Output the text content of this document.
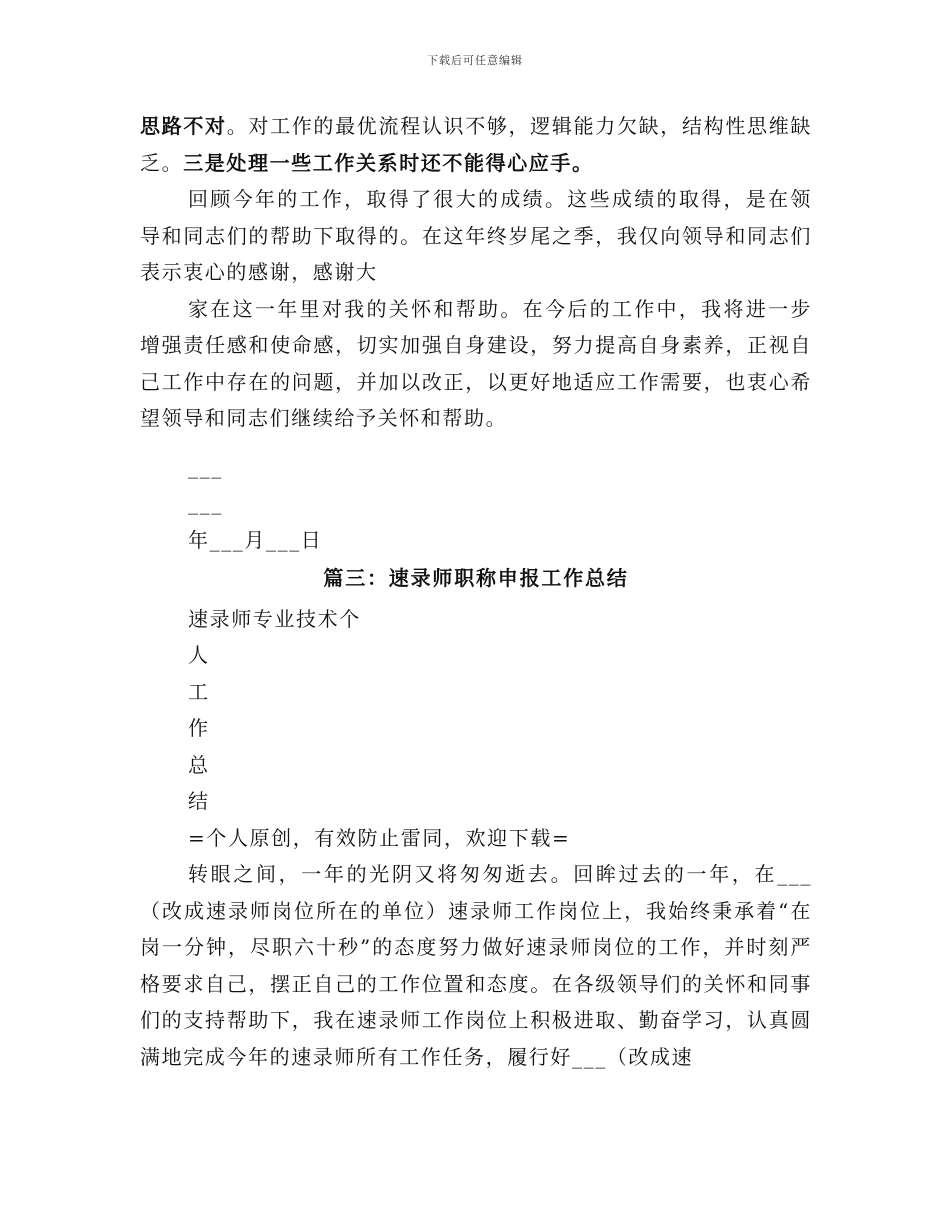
下载后可任意编辑

思路不对。对工作的最优流程认识不够，逻辑能力欠缺，结构性思维缺乏。三是处理一些工作关系时还不能得心应手。

回顾今年的工作，取得了很大的成绩。这些成绩的取得，是在领导和同志们的帮助下取得的。在这年终岁尾之季，我仅向领导和同志们表示衷心的感谢，感谢大

家在这一年里对我的关怀和帮助。在今后的工作中，我将进一步增强责任感和使命感，切实加强自身建设，努力提高自身素养，正视自己工作中存在的问题，并加以改正，以更好地适应工作需要，也衷心希望领导和同志们继续给予关怀和帮助。

___

___

年___月___日

篇三：速录师职称申报工作总结

速录师专业技术个

人

工

作

总

结

=个人原创，有效防止雷同，欢迎下载=

转眼之间，一年的光阴又将匆匆逝去。回眸过去的一年，在___（改成速录师岗位所在的单位）速录师工作岗位上，我始终秉承着“在岗一分钟，尽职六十秒”的态度努力做好速录师岗位的工作，并时刻严格要求自己，摆正自己的工作位置和态度。在各级领导们的关怀和同事们的支持帮助下，我在速录师工作岗位上积极进取、勤奋学习，认真圆满地完成今年的速录师所有工作任务，履行好___（改成速
